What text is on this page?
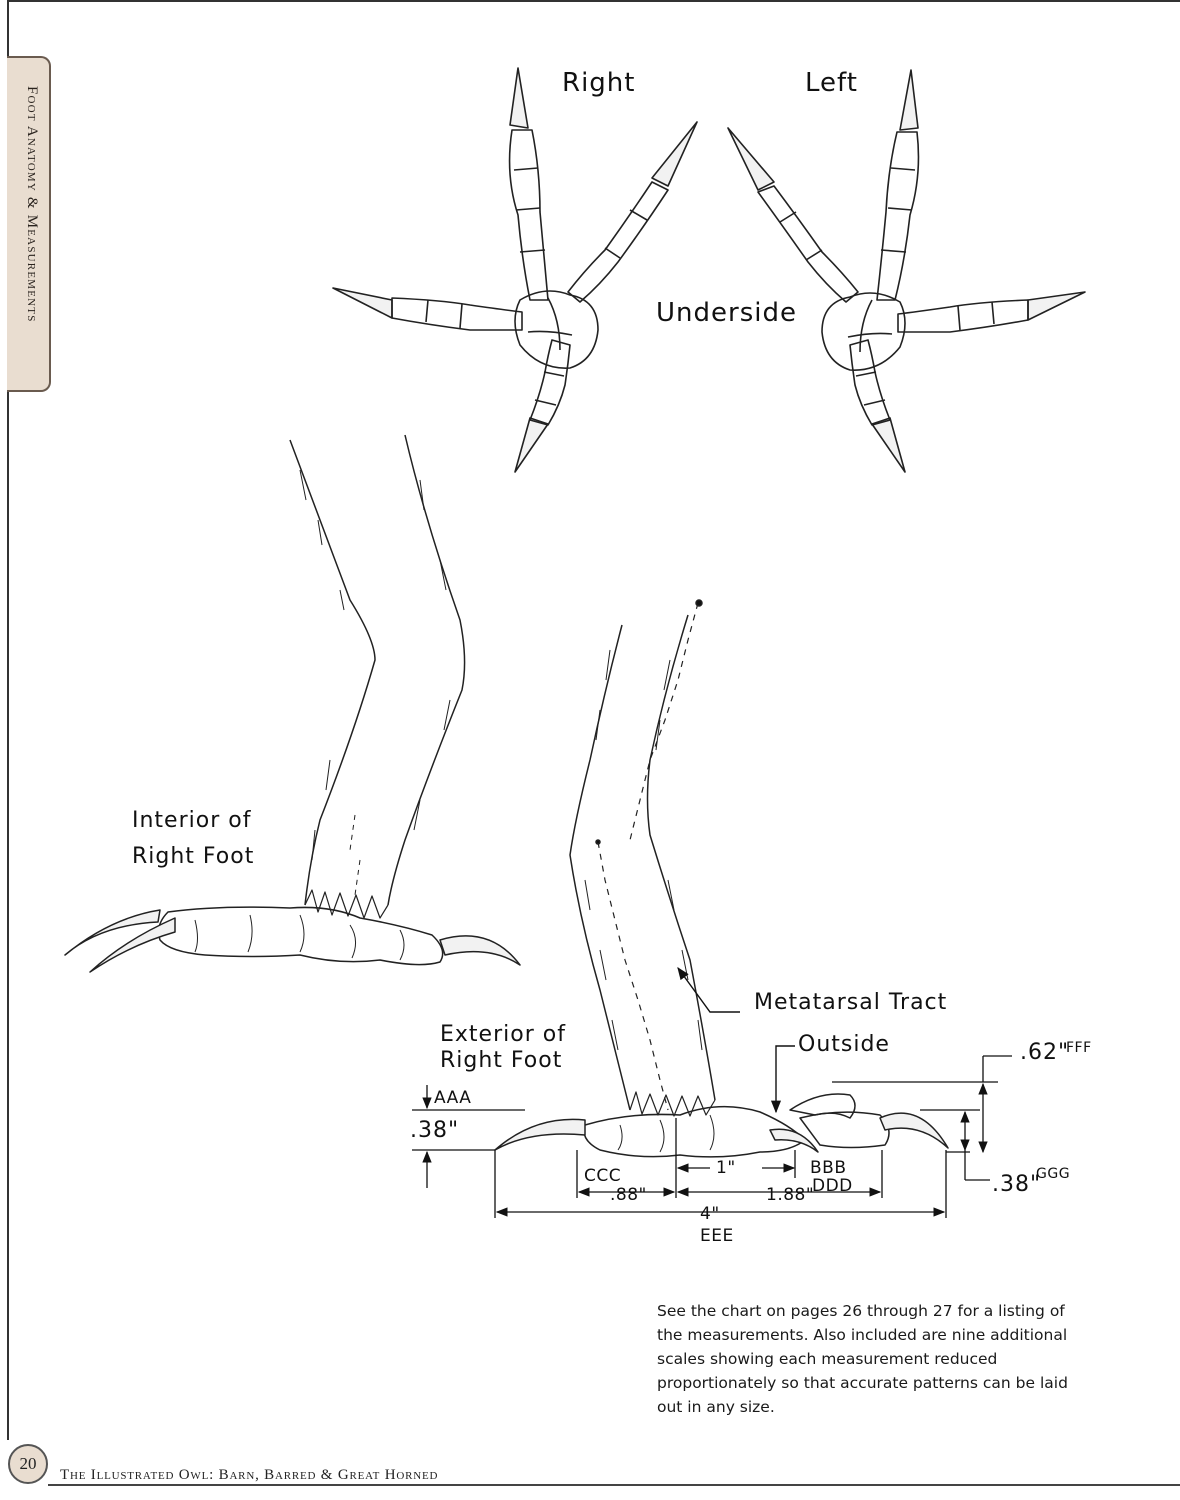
Foot Anatomy & Measurements
Right	Left
Underside
Interior of
Right Foot
Metatarsal Tract
Exterior of
Right Foot
Outside
AAA
.38"
CCC
.88"
1"	BBB
1.88"
DDD
4"
EEE
.62"
FFF
.38"
GGG
See the chart on pages 26 through 27 for a listing of the measurements. Also included are nine additional scales showing each measurement reduced proportionately so that accurate patterns can be laid out in any size.
20
The Illustrated Owl: Barn, Barred & Great Horned
